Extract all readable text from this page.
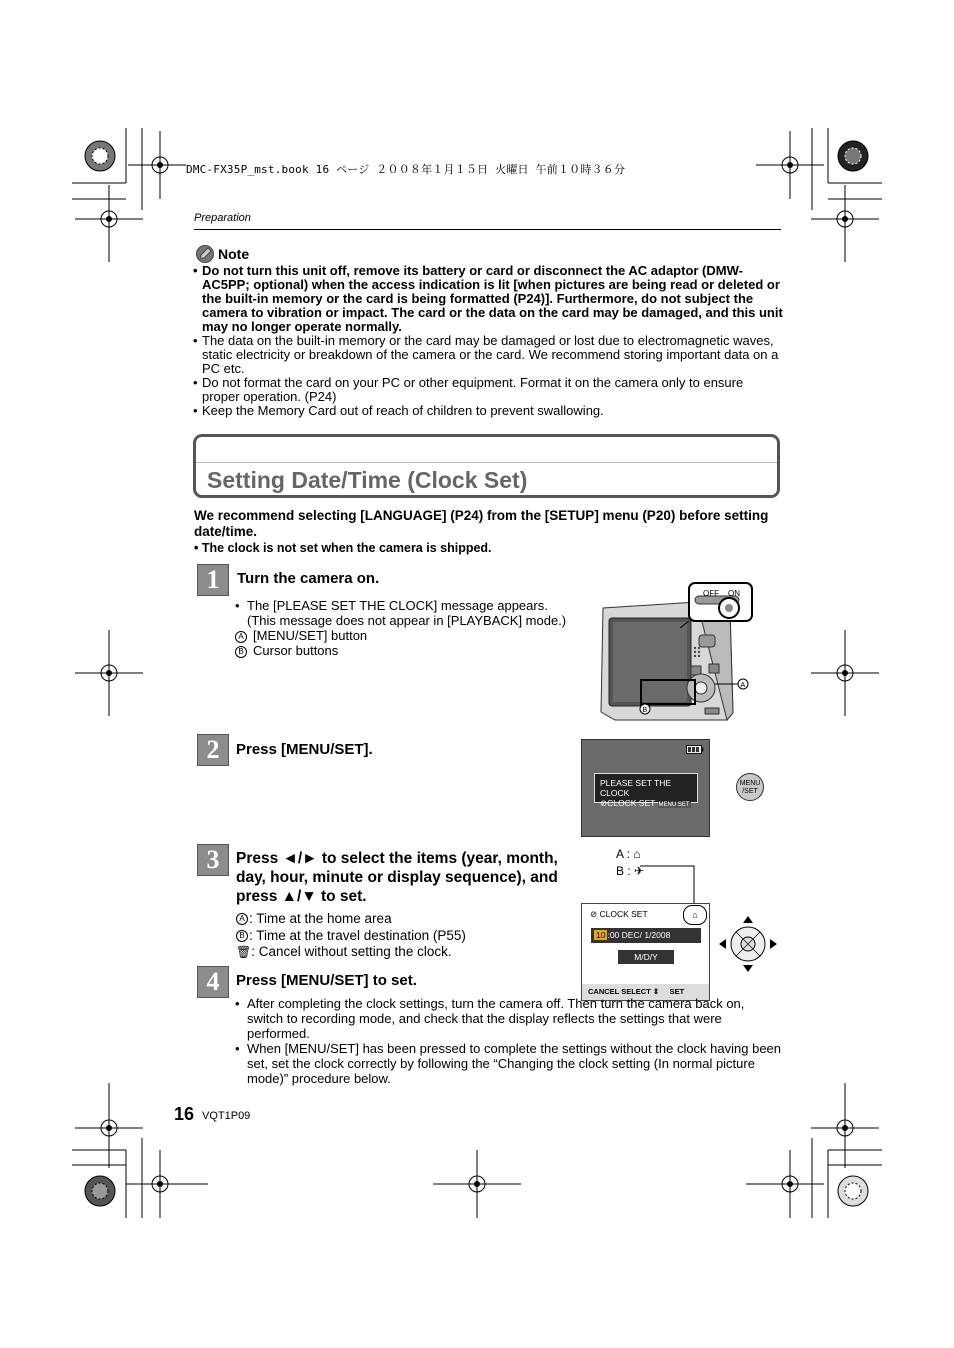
DMC-FX35P_mst.book 16 ページ ２００８年１月１５日 火曜日 午前１０時３６分
Preparation
Note

• Do not turn this unit off, remove its battery or card or disconnect the AC adaptor (DMW-AC5PP; optional) when the access indication is lit [when pictures are being read or deleted or the built-in memory or the card is being formatted (P24)]. Furthermore, do not subject the camera to vibration or impact. The card or the data on the card may be damaged, and this unit may no longer operate normally.

• The data on the built-in memory or the card may be damaged or lost due to electromagnetic waves, static electricity or breakdown of the camera or the card. We recommend storing important data on a PC etc.

• Do not format the card on your PC or other equipment. Format it on the camera only to ensure proper operation. (P24)

• Keep the Memory Card out of reach of children to prevent swallowing.

Setting Date/Time (Clock Set)
We recommend selecting [LANGUAGE] (P24) from the [SETUP] menu (P20) before setting date/time.
• The clock is not set when the camera is shipped.
1	Turn the camera on.
• The [PLEASE SET THE CLOCK] message appears. (This message does not appear in [PLAYBACK] mode.)
A [MENU/SET] button
B Cursor buttons
A
B
OFF ON
2	Press [MENU/SET].
PLEASE SET THE CLOCK
⊘CLOCK SET MENU SET
MENU /SET
3	Press ◄/► to select the items (year, month, day, hour, minute or display sequence), and press ▲/▼ to set.
A : Time at the home area
B : Time at the travel destination (P55)
🗑: Cancel without setting the clock.
A : ⌂
B : ✈
⊘ CLOCK SET	⌂
10 :00 DEC/ 1/2008
M/D/Y
CANCEL SELECT ⇕     SET
4	Press [MENU/SET] to set.
• After completing the clock settings, turn the camera off. Then turn the camera back on, switch to recording mode, and check that the display reflects the settings that were performed.
• When [MENU/SET] has been pressed to complete the settings without the clock having been set, set the clock correctly by following the “Changing the clock setting (In normal picture mode)” procedure below.
16 VQT1P09
